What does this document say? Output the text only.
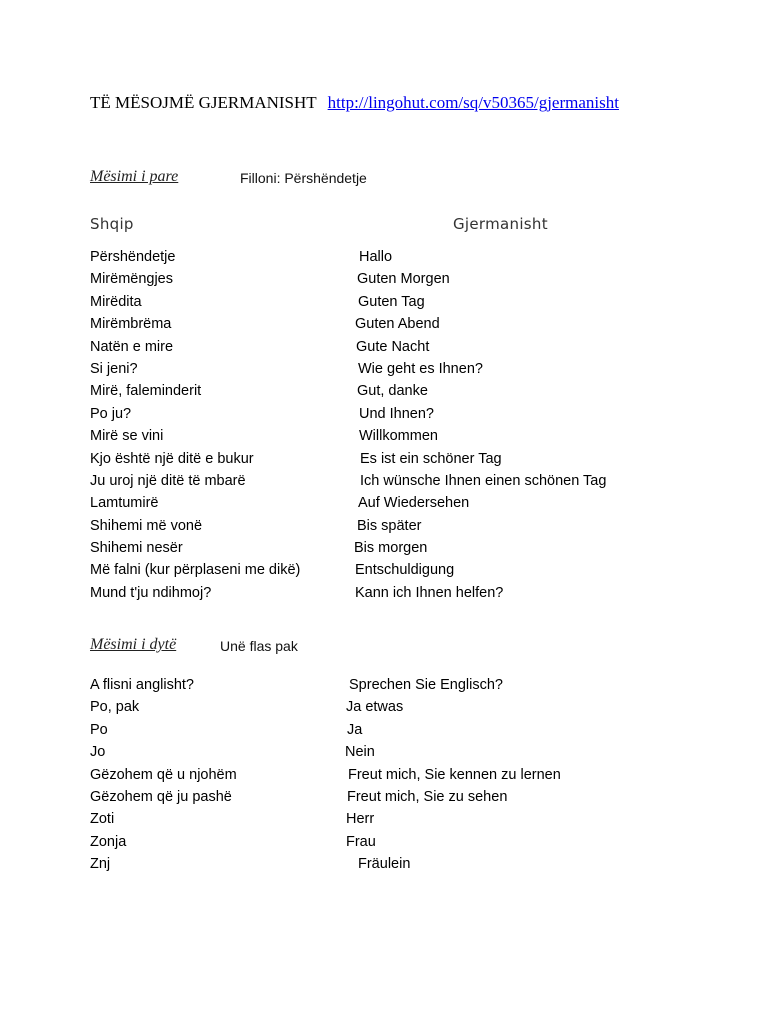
TË MËSOJMË GJERMANISHT http://lingohut.com/sq/v50365/gjermanisht
Mësimi i pare	Filloni: Përshëndetje
Shqip	Gjermanisht
Përshëndetje	Hallo
Mirëmëngjes	Guten Morgen
Mirëdita	Guten Tag
Mirëmbrëma	Guten Abend
Natën e mire	Gute Nacht
Si jeni?	Wie geht es Ihnen?
Mirë, faleminderit	Gut, danke
Po ju?	Und Ihnen?
Mirë se vini	Willkommen
Kjo është një ditë e bukur	Es ist ein schöner Tag
Ju uroj një ditë të mbarë	Ich wünsche Ihnen einen schönen Tag
Lamtumirë	Auf Wiedersehen
Shihemi më vonë	Bis später
Shihemi nesër	Bis morgen
Më falni (kur përplaseni me dikë)	Entschuldigung
Mund t'ju ndihmoj?	Kann ich Ihnen helfen?
Mësimi i dytë	Unë flas pak
A flisni anglisht?	Sprechen Sie Englisch?
Po, pak	Ja etwas
Po	Ja
Jo	Nein
Gëzohem që u njohëm	Freut mich, Sie kennen zu lernen
Gëzohem që ju pashë	Freut mich, Sie zu sehen
Zoti	Herr
Zonja	Frau
Znj	Fräulein
